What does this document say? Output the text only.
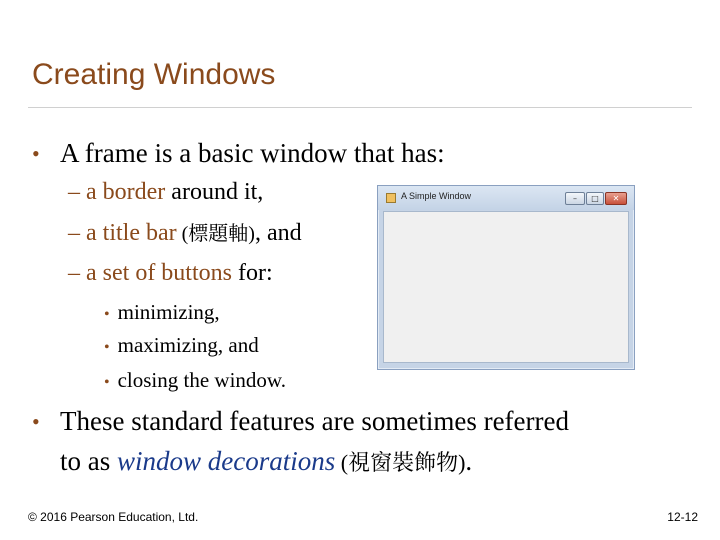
Creating Windows
• A frame is a basic window that has:
– a border around it,
– a title bar (標題軸), and
– a set of buttons for:
• minimizing,
• maximizing, and
• closing the window.
A Simple Window	–	□	✕
• These standard features are sometimes referred
to as window decorations (視窗裝飾物).
© 2016 Pearson Education, Ltd.	12-12
